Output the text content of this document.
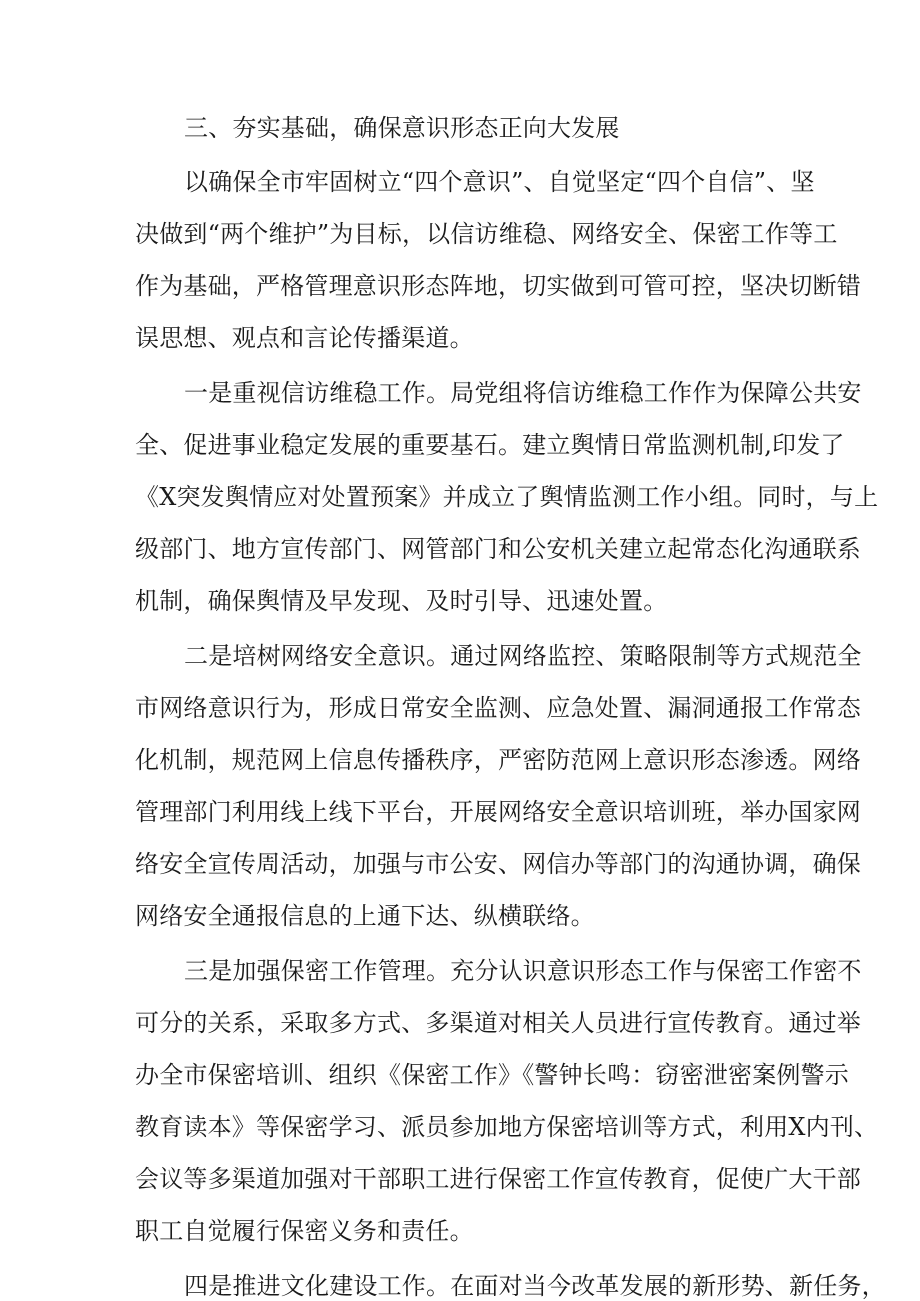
三、夯实基础，确保意识形态正向大发展
以确保全市牢固树立“四个意识”、自觉坚定“四个自信”、坚
决做到“两个维护”为目标，以信访维稳、网络安全、保密工作等工
作为基础，严格管理意识形态阵地，切实做到可管可控，坚决切断错
误思想、观点和言论传播渠道。
一是重视信访维稳工作。局党组将信访维稳工作作为保障公共安
全、促进事业稳定发展的重要基石。建立舆情日常监测机制,印发了
《X突发舆情应对处置预案》并成立了舆情监测工作小组。同时，与上
级部门、地方宣传部门、网管部门和公安机关建立起常态化沟通联系
机制，确保舆情及早发现、及时引导、迅速处置。
二是培树网络安全意识。通过网络监控、策略限制等方式规范全
市网络意识行为，形成日常安全监测、应急处置、漏洞通报工作常态
化机制，规范网上信息传播秩序，严密防范网上意识形态渗透。网络
管理部门利用线上线下平台，开展网络安全意识培训班，举办国家网
络安全宣传周活动，加强与市公安、网信办等部门的沟通协调，确保
网络安全通报信息的上通下达、纵横联络。
三是加强保密工作管理。充分认识意识形态工作与保密工作密不
可分的关系，采取多方式、多渠道对相关人员进行宣传教育。通过举
办全市保密培训、组织《保密工作》《警钟长鸣：窃密泄密案例警示
教育读本》等保密学习、派员参加地方保密培训等方式，利用X内刊、
会议等多渠道加强对干部职工进行保密工作宣传教育，促使广大干部
职工自觉履行保密义务和责任。
四是推进文化建设工作。在面对当今改革发展的新形势、新任务，
